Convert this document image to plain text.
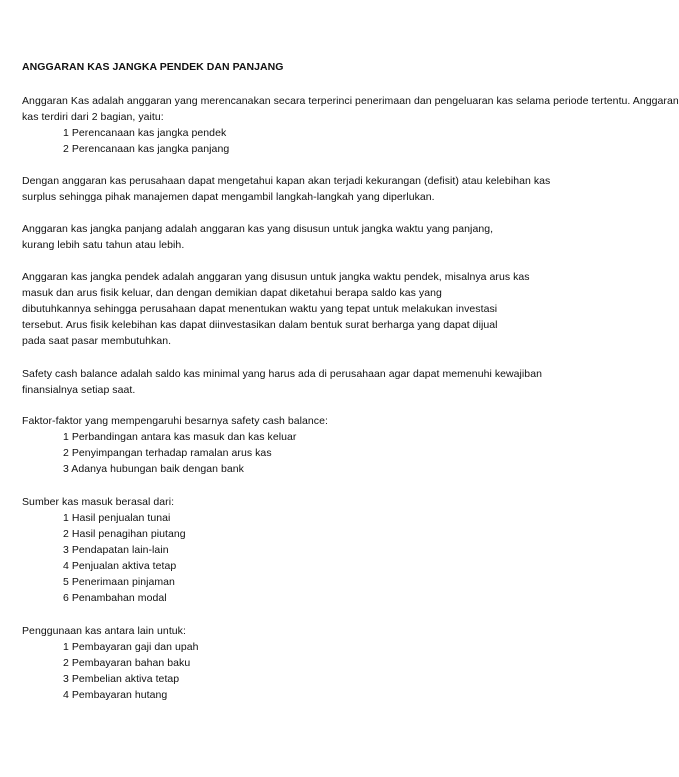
ANGGARAN KAS JANGKA PENDEK DAN PANJANG
Anggaran Kas adalah anggaran yang merencanakan secara terperinci penerimaan dan pengeluaran kas selama periode tertentu. Anggaran
kas terdiri dari 2 bagian, yaitu:
1 Perencanaan kas jangka pendek
2 Perencanaan kas jangka panjang
Dengan anggaran kas perusahaan dapat mengetahui kapan akan terjadi kekurangan (defisit) atau kelebihan kas
surplus sehingga pihak manajemen dapat mengambil langkah-langkah yang diperlukan.
Anggaran kas jangka panjang adalah anggaran kas yang disusun untuk jangka waktu yang panjang,
kurang lebih satu tahun atau lebih.
Anggaran kas jangka pendek adalah anggaran yang disusun untuk jangka waktu pendek, misalnya arus kas
masuk dan arus fisik keluar, dan dengan demikian dapat diketahui berapa saldo kas yang
dibutuhkannya sehingga perusahaan dapat menentukan waktu yang tepat untuk melakukan investasi
tersebut. Arus fisik kelebihan kas dapat diinvestasikan dalam bentuk surat berharga yang dapat dijual
pada saat pasar membutuhkan.
Safety cash balance adalah saldo kas minimal yang harus ada di perusahaan agar dapat memenuhi kewajiban
finansialnya setiap saat.
Faktor-faktor yang mempengaruhi besarnya safety cash balance:
1 Perbandingan antara kas masuk dan kas keluar
2 Penyimpangan terhadap ramalan arus kas
3 Adanya hubungan baik dengan bank
Sumber kas masuk berasal dari:
1 Hasil penjualan tunai
2 Hasil penagihan piutang
3 Pendapatan lain-lain
4 Penjualan aktiva tetap
5 Penerimaan pinjaman
6 Penambahan modal
Penggunaan kas antara lain untuk:
1 Pembayaran gaji dan upah
2 Pembayaran bahan baku
3 Pembelian aktiva tetap
4 Pembayaran hutang
